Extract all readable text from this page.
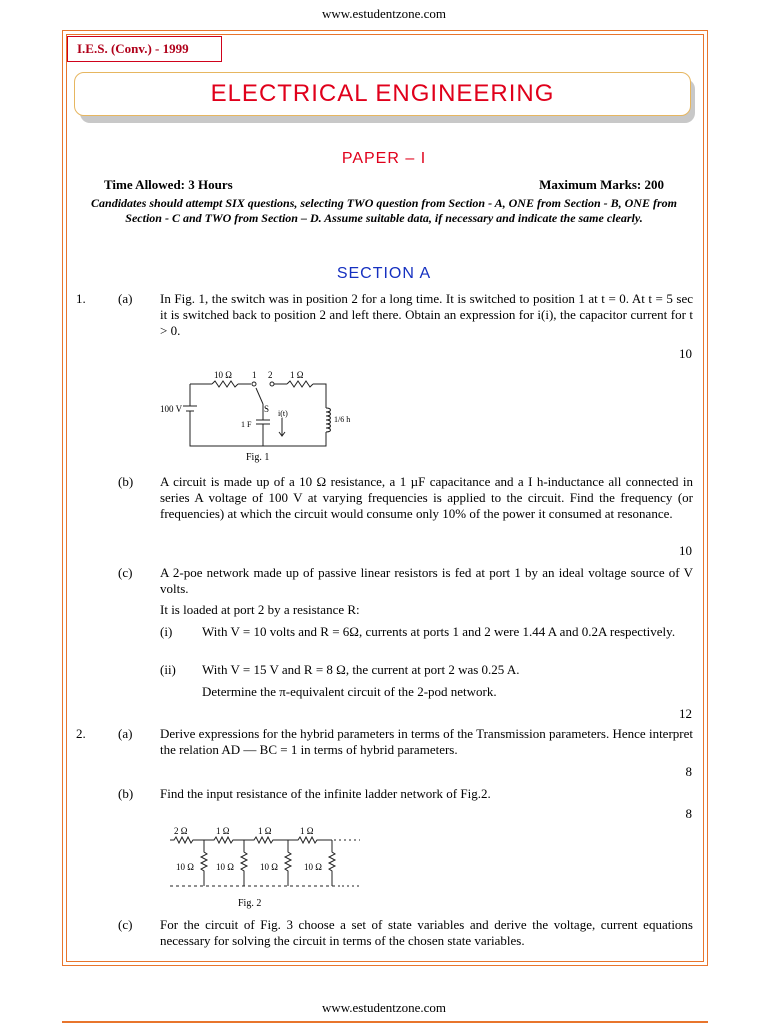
www.estudentzone.com
I.E.S. (Conv.) - 1999
ELECTRICAL ENGINEERING
PAPER – I
Time Allowed: 3 Hours	Maximum Marks: 200
Candidates should attempt SIX questions, selecting TWO question from Section - A, ONE from Section - B, ONE from Section - C and TWO from Section – D. Assume suitable data, if necessary and indicate the same clearly.
SECTION A
1. (a) In Fig. 1, the switch was in position 2 for a long time. It is switched to position 1 at t = 0. At t = 5 sec it is switched back to position 2 and left there. Obtain an expression for i(i), the capacitor current for t > 0.
10
10 Ω 1 2 1 Ω
100 V	S i(t)
1 F
1/6 h
Fig. 1
(b) A circuit is made up of a 10 Ω resistance, a 1 µF capacitance and a I h-inductance all connected in series A voltage of 100 V at varying frequencies is applied to the circuit. Find the frequency (or frequencies) at which the circuit would consume only 10% of the power it consumed at resonance.
10
(c) A 2-poe network made up of passive linear resistors is fed at port 1 by an ideal voltage source of V volts.
It is loaded at port 2 by a resistance R:
(i) With V = 10 volts and R = 6Ω, currents at ports 1 and 2 were 1.44 A and 0.2A respectively.
(ii) With V = 15 V and R = 8 Ω, the current at port 2 was 0.25 A.
Determine the π-equivalent circuit of the 2-pod network.
12
2. (a) Derive expressions for the hybrid parameters in terms of the Transmission parameters. Hence interpret the relation AD — BC = 1 in terms of hybrid parameters.
8
(b) Find the input resistance of the infinite ladder network of Fig.2.
8
2 Ω	1 Ω	1 Ω	1 Ω
10 Ω 10 Ω	10 Ω	10 Ω
Fig. 2
(c) For the circuit of Fig. 3 choose a set of state variables and derive the voltage, current equations necessary for solving the circuit in terms of the chosen state variables.
www.estudentzone.com
